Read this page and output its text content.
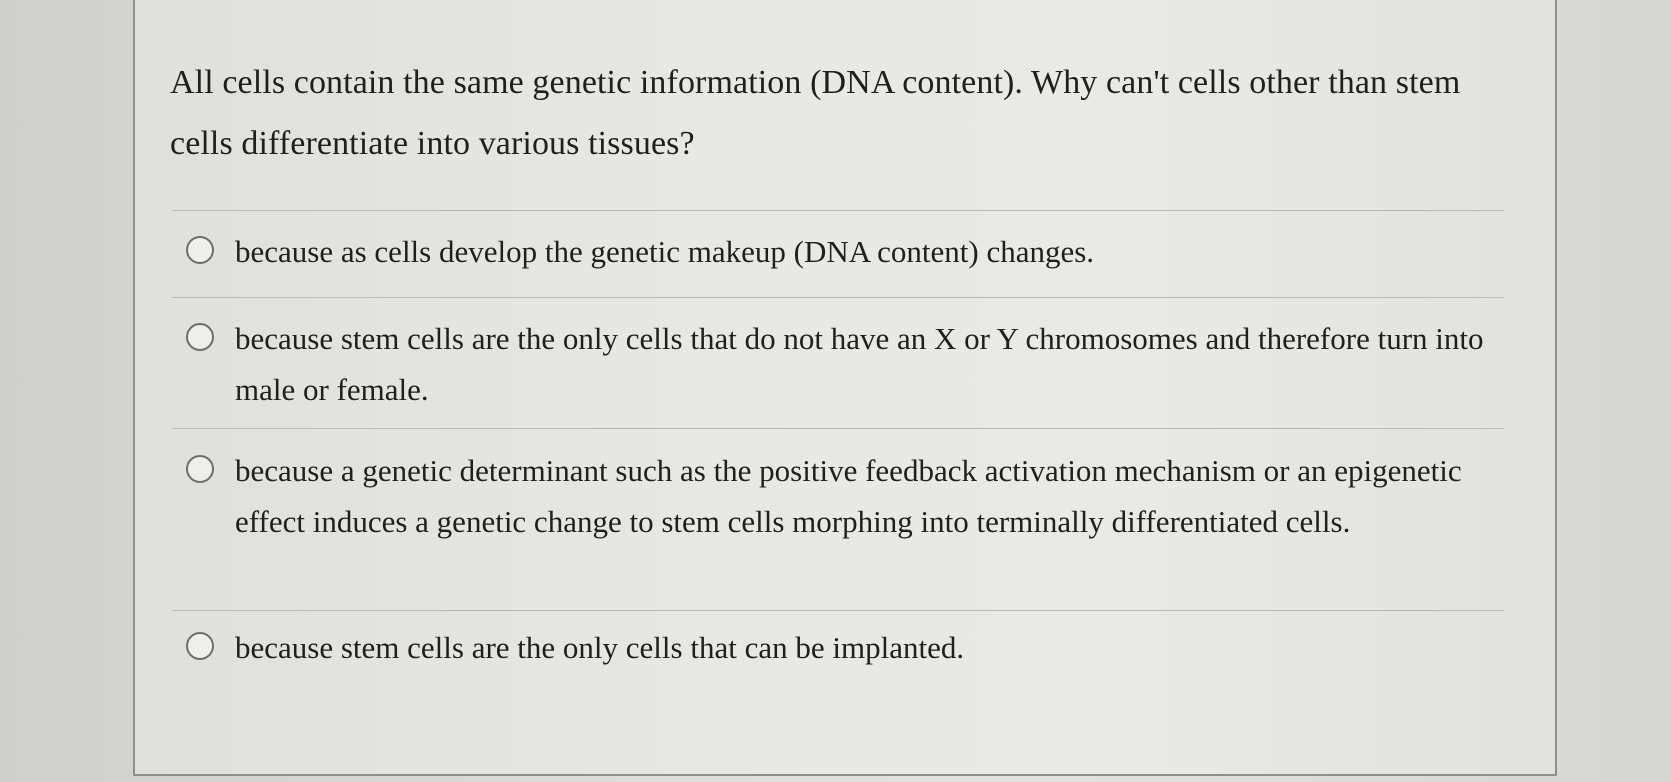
All cells contain the same genetic information (DNA content). Why can't cells other than stem cells differentiate into various tissues?

because as cells develop the genetic makeup (DNA content) changes.
because stem cells are the only cells that do not have an X or Y chromosomes and therefore turn into male or female.
because a genetic determinant such as the positive feedback activation mechanism or an epigenetic effect induces a genetic change to stem cells morphing into terminally differentiated cells.
because stem cells are the only cells that can be implanted.
